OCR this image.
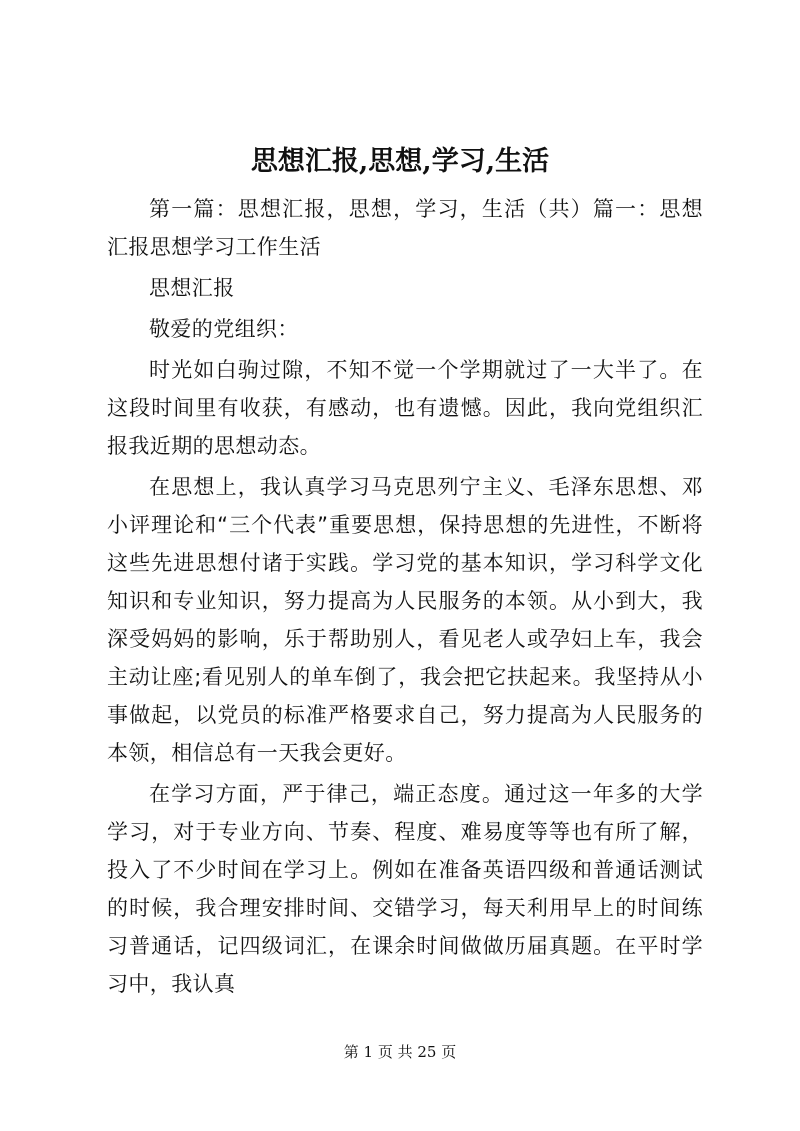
思想汇报,思想,学习,生活

第一篇：思想汇报，思想，学习，生活（共）篇一：思想汇报思想学习工作生活

思想汇报

敬爱的党组织：

时光如白驹过隙，不知不觉一个学期就过了一大半了。在这段时间里有收获，有感动，也有遗憾。因此，我向党组织汇报我近期的思想动态。

在思想上，我认真学习马克思列宁主义、毛泽东思想、邓小评理论和“三个代表”重要思想，保持思想的先进性，不断将这些先进思想付诸于实践。学习党的基本知识，学习科学文化知识和专业知识，努力提高为人民服务的本领。从小到大，我深受妈妈的影响，乐于帮助别人，看见老人或孕妇上车，我会主动让座;看见别人的单车倒了，我会把它扶起来。我坚持从小事做起，以党员的标准严格要求自己，努力提高为人民服务的本领，相信总有一天我会更好。

在学习方面，严于律己，端正态度。通过这一年多的大学学习，对于专业方向、节奏、程度、难易度等等也有所了解，投入了不少时间在学习上。例如在准备英语四级和普通话测试的时候，我合理安排时间、交错学习，每天利用早上的时间练习普通话，记四级词汇，在课余时间做做历届真题。在平时学习中，我认真

第 1 页 共 25 页
